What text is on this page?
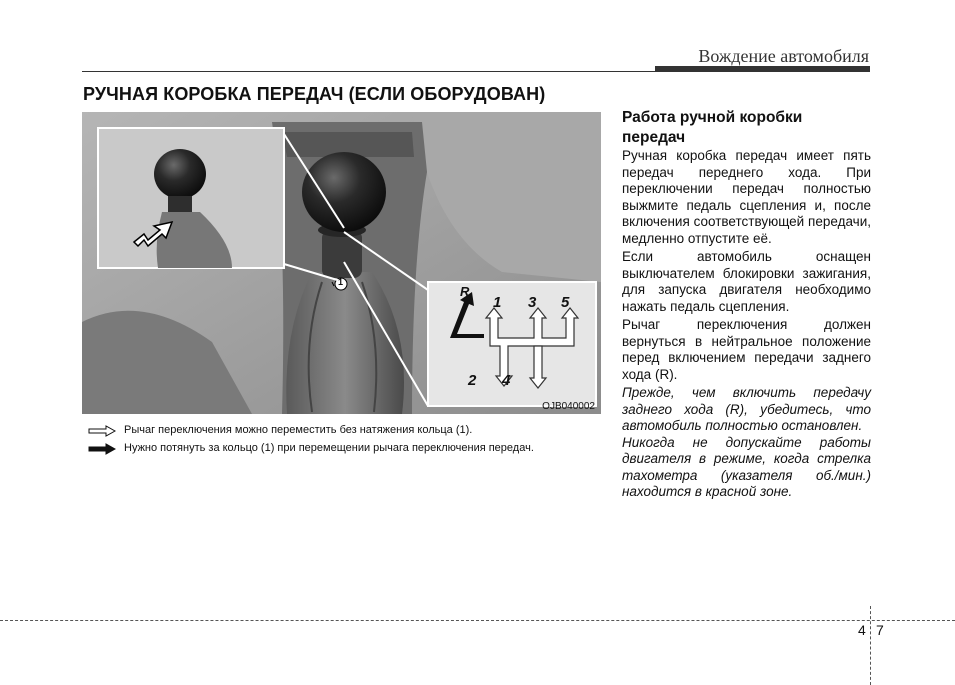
Вождение автомобиля
РУЧНАЯ КОРОБКА ПЕРЕДАЧ (ЕСЛИ ОБОРУДОВАН)
1
R
1 3 5
2 4
OJB040002
Рычаг переключения можно переместить без натяжения кольца (1).
Нужно потянуть за кольцо (1) при перемещении рычага переключения передач.

Работа ручной коробки

передач

Ручная коробка передач имеет пять передач переднего хода. При переключении передач полностью выжмите педаль сцепления и, после включения соответствующей передачи, медленно отпустите её.

Если автомобиль оснащен выключателем блокировки зажигания, для запуска двигателя необходимо нажать педаль сцепления.

Рычаг переключения должен вернуться в нейтральное положение перед включением передачи заднего хода (R).

Прежде, чем включить передачу заднего хода (R), убедитесь, что автомобиль полностью остановлен.

Никогда не допускайте работы двигателя в режиме, когда стрелка тахометра (указателя об./мин.) находится в красной зоне.

4 7
